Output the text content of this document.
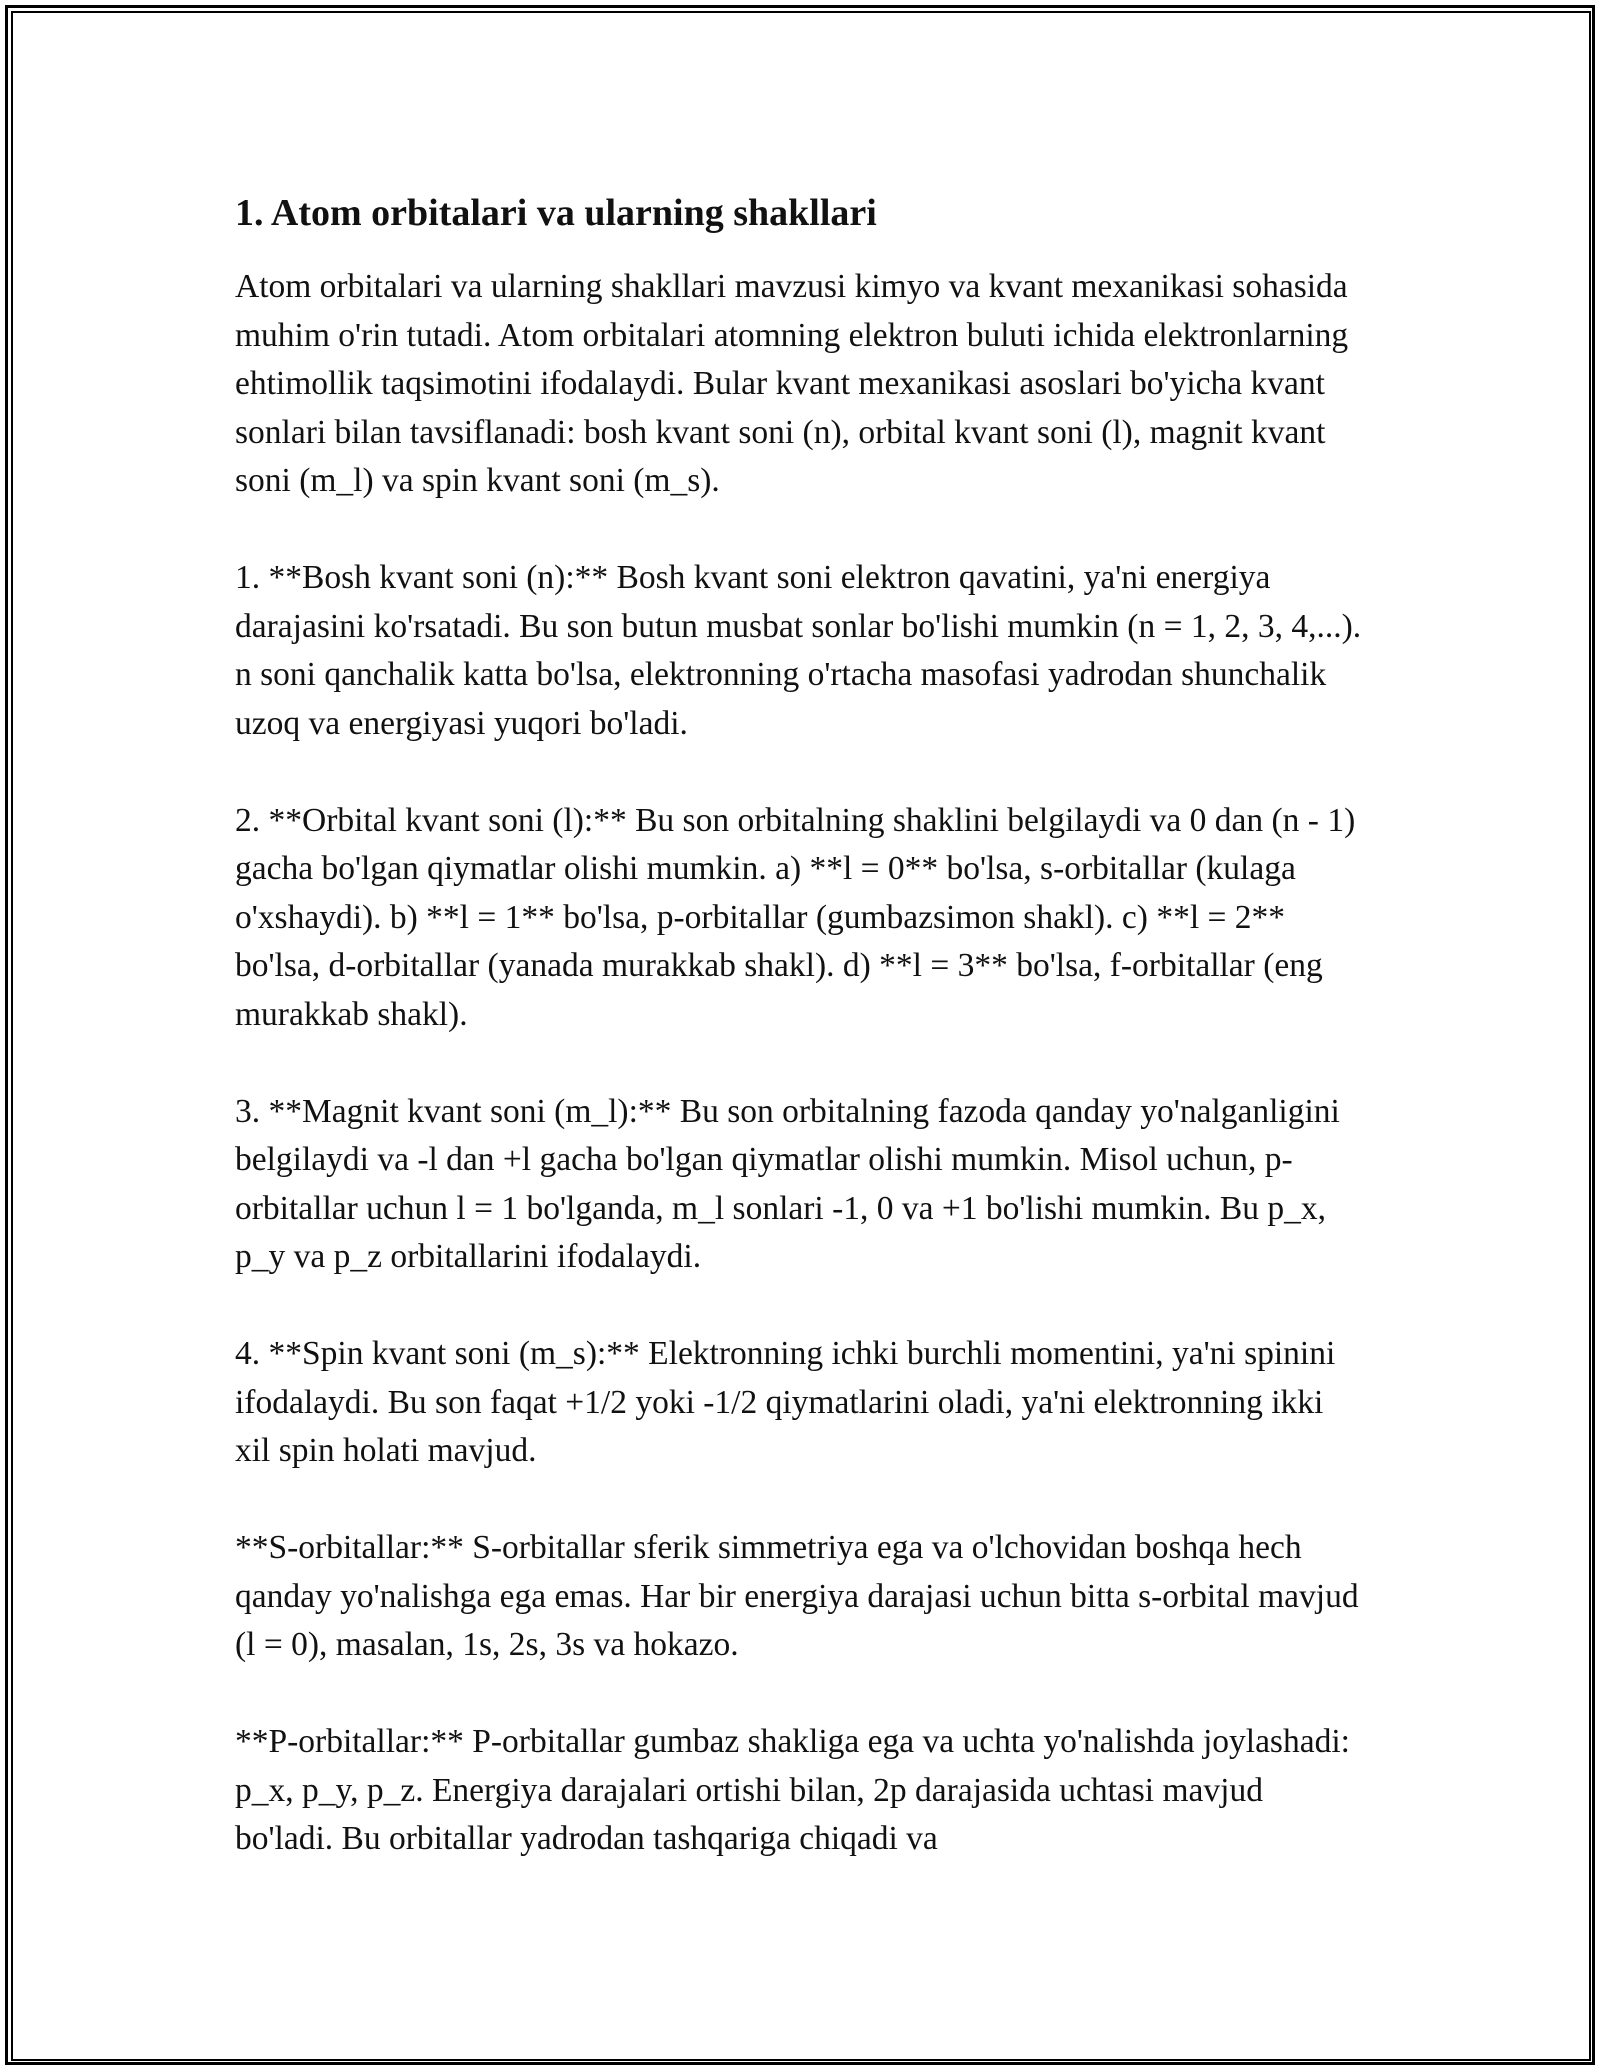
1. Atom orbitalari va ularning shakllari

Atom orbitalari va ularning shakllari mavzusi kimyo va kvant mexanikasi sohasida muhim o'rin tutadi. Atom orbitalari atomning elektron buluti ichida elektronlarning ehtimollik taqsimotini ifodalaydi. Bular kvant mexanikasi asoslari bo'yicha kvant sonlari bilan tavsiflanadi: bosh kvant soni (n), orbital kvant soni (l), magnit kvant soni (m_l) va spin kvant soni (m_s).

1. **Bosh kvant soni (n):** Bosh kvant soni elektron qavatini, ya'ni energiya darajasini ko'rsatadi. Bu son butun musbat sonlar bo'lishi mumkin (n = 1, 2, 3, 4,...). n soni qanchalik katta bo'lsa, elektronning o'rtacha masofasi yadrodan shunchalik uzoq va energiyasi yuqori bo'ladi.

2. **Orbital kvant soni (l):** Bu son orbitalning shaklini belgilaydi va 0 dan (n - 1) gacha bo'lgan qiymatlar olishi mumkin. a) **l = 0** bo'lsa, s-orbitallar (kulaga o'xshaydi). b) **l = 1** bo'lsa, p-orbitallar (gumbazsimon shakl). c) **l = 2** bo'lsa, d-orbitallar (yanada murakkab shakl). d) **l = 3** bo'lsa, f-orbitallar (eng murakkab shakl).

3. **Magnit kvant soni (m_l):** Bu son orbitalning fazoda qanday yo'nalganligini belgilaydi va -l dan +l gacha bo'lgan qiymatlar olishi mumkin. Misol uchun, p-orbitallar uchun l = 1 bo'lganda, m_l sonlari -1, 0 va +1 bo'lishi mumkin. Bu p_x, p_y va p_z orbitallarini ifodalaydi.

4. **Spin kvant soni (m_s):** Elektronning ichki burchli momentini, ya'ni spinini ifodalaydi. Bu son faqat +1/2 yoki -1/2 qiymatlarini oladi, ya'ni elektronning ikki xil spin holati mavjud.

**S-orbitallar:** S-orbitallar sferik simmetriya ega va o'lchovidan boshqa hech qanday yo'nalishga ega emas. Har bir energiya darajasi uchun bitta s-orbital mavjud (l = 0), masalan, 1s, 2s, 3s va hokazo.

**P-orbitallar:** P-orbitallar gumbaz shakliga ega va uchta yo'nalishda joylashadi: p_x, p_y, p_z. Energiya darajalari ortishi bilan, 2p darajasida uchtasi mavjud bo'ladi. Bu orbitallar yadrodan tashqariga chiqadi va
